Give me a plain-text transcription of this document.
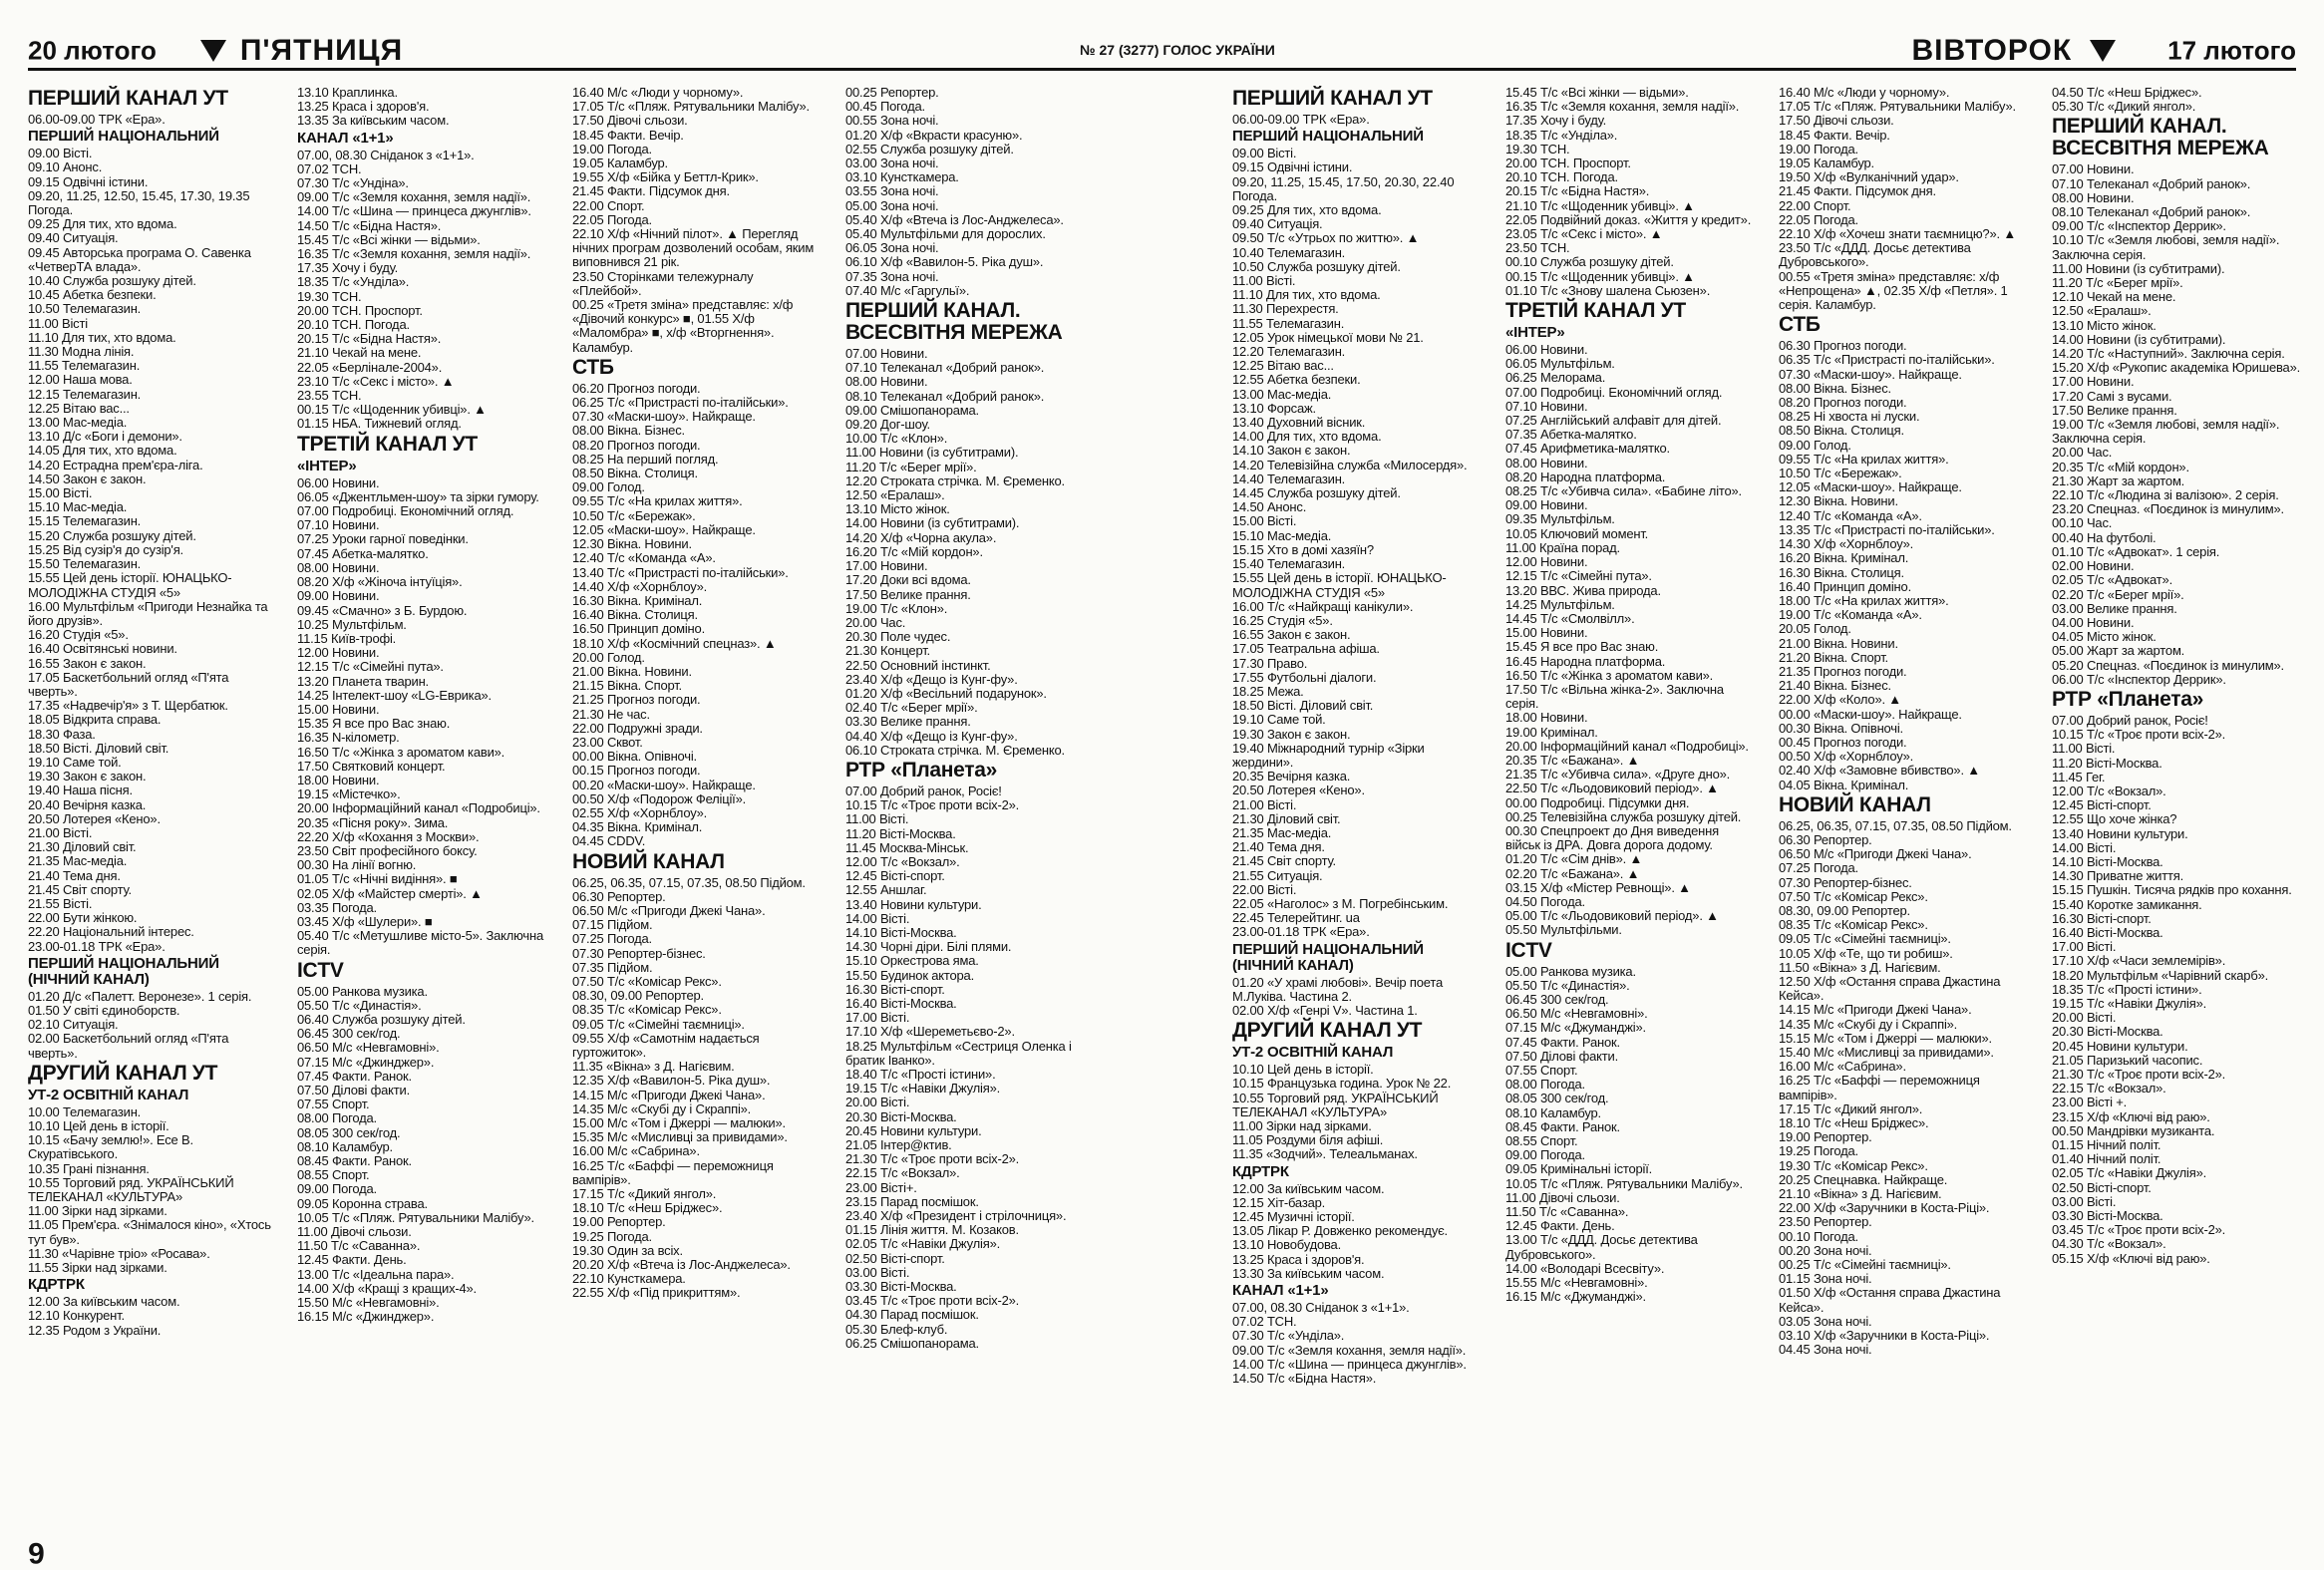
20 лютого	П'ЯТНИЦЯ	№ 27 (3277) ГОЛОС УКРАЇНИ	ВІВТОРОК	17 лютого
ПЕРШИЙ КАНАЛ УТ
06.00-09.00 ТРК «Ера».
ПЕРШИЙ НАЦІОНАЛЬНИЙ
09.00 Вісті.
09.10 Анонс.
09.15 Одвічні істини.
09.20, 11.25, 12.50, 15.45, 17.30, 19.35 Погода.
09.25 Для тих, хто вдома.
09.40 Ситуація.
09.45 Авторська програма О. Савенка «ЧетверТА влада».
10.40 Служба розшуку дітей.
10.45 Абетка безпеки.
10.50 Телемагазин.
11.00 Вісті
11.10 Для тих, хто вдома.
11.30 Модна лінія.
11.55 Телемагазин.
12.00 Наша мова.
12.15 Телемагазин.
12.25 Вітаю вас...
13.00 Мас-медіа.
13.10 Д/с «Боги і демони».
14.05 Для тих, хто вдома.
14.20 Естрадна прем'єра-ліга.
14.50 Закон є закон.
15.00 Вісті.
15.10 Мас-медіа.
15.15 Телемагазин.
15.20 Служба розшуку дітей.
15.25 Від сузір'я до сузір'я.
15.50 Телемагазин.
15.55 Цей день історії. ЮНАЦЬКО-МОЛОДІЖНА СТУДІЯ «5»
16.00 Мультфільм «Пригоди Незнайка та його друзів».
16.20 Студія «5».
16.40 Освітянські новини.
16.55 Закон є закон.
17.05 Баскетбольний огляд «П'ята чверть».
17.35 «Надвечір'я» з Т. Щербатюк.
18.05 Відкрита справа.
18.30 Фаза.
18.50 Вісті. Діловий світ.
19.10 Саме той.
19.30 Закон є закон.
19.40 Наша пісня.
20.40 Вечірня казка.
20.50 Лотерея «Кено».
21.00 Вісті.
21.30 Діловий світ.
21.35 Мас-медіа.
21.40 Тема дня.
21.45 Світ спорту.
21.55 Вісті.
22.00 Бути жінкою.
22.20 Національний інтерес.
23.00-01.18 ТРК «Ера».
ПЕРШИЙ НАЦІОНАЛЬНИЙ (НІЧНИЙ КАНАЛ)
01.20 Д/с «Палетт. Веронезе». 1 серія.
01.50 У світі єдиноборств.
02.10 Ситуація.
02.00 Баскетбольний огляд «П'ята чверть».
ДРУГИЙ КАНАЛ УТ
УТ-2 ОСВІТНІЙ КАНАЛ
10.00 Телемагазин.
10.10 Цей день в історії.
10.15 «Бачу землю!». Есе В. Скуратівського.
10.35 Грані пізнання.
10.55 Торговий ряд. УКРАЇНСЬКИЙ ТЕЛЕКАНАЛ «КУЛЬТУРА»
11.00 Зірки над зірками.
11.05 Прем'єра. «Знімалося кіно», «Хтось тут був».
11.30 «Чарівне тріо» «Росава».
11.55 Зірки над зірками.
КДРТРК
12.00 За київським часом.
12.10 Конкурент.
12.35 Родом з України.
13.10 Краплинка.
13.25 Краса і здоров'я.
13.35 За київським часом.
КАНАЛ «1+1»
07.00, 08.30 Сніданок з «1+1».
07.02 ТСН.
07.30 Т/с «Ундіна».
09.00 Т/с «Земля кохання, земля надії».
14.00 Т/с «Шина — принцеса джунглів».
14.50 Т/с «Бідна Настя».
15.45 Т/с «Всі жінки — відьми».
16.35 Т/с «Земля кохання, земля надії».
17.35 Хочу і буду.
18.35 Т/с «Унділа».
19.30 ТСН.
20.00 ТСН. Проспорт.
20.10 ТСН. Погода.
20.15 Т/с «Бідна Настя».
21.10 Чекай на мене.
22.05 «Берлінале-2004».
23.10 Т/с «Секс і місто». ▲
23.55 ТСН.
00.15 Т/с «Щоденник убивці». ▲
01.15 НБА. Тижневий огляд.
ТРЕТІЙ КАНАЛ УТ
«ІНТЕР»
06.00 Новини.
06.05 «Джентльмен-шоу» та зірки гумору.
07.00 Подробиці. Економічний огляд.
07.10 Новини.
07.25 Уроки гарної поведінки.
07.45 Абетка-малятко.
08.00 Новини.
08.20 Х/ф «Жіноча інтуїція».
09.00 Новини.
09.45 «Смачно» з Б. Бурдою.
10.25 Мультфільм.
11.15 Київ-трофі.
12.00 Новини.
12.15 Т/с «Сімейні пута».
13.20 Планета тварин.
14.25 Інтелект-шоу «LG-Еврика».
15.00 Новини.
15.35 Я все про Вас знаю.
16.35 N-кілометр.
16.50 Т/с «Жінка з ароматом кави».
17.50 Святковий концерт.
18.00 Новини.
19.15 «Містечко».
20.00 Інформаційний канал «Подробиці».
20.35 «Пісня року». Зима.
22.20 Х/ф «Кохання з Москви».
23.50 Світ професійного боксу.
00.30 На лінії вогню.
01.05 Т/с «Нічні видіння». ■
02.05 Х/ф «Майстер смерті». ▲
03.35 Погода.
03.45 Х/ф «Шулери». ■
05.40 Т/с «Метушливе місто-5». Заключна серія.
ICTV
05.00 Ранкова музика.
05.50 Т/с «Династія».
06.40 Служба розшуку дітей.
06.45 300 сек/год.
06.50 М/с «Невгамовні».
07.15 М/с «Джинджер».
07.45 Факти. Ранок.
07.50 Ділові факти.
07.55 Спорт.
08.00 Погода.
08.05 300 сек/год.
08.10 Каламбур.
08.45 Факти. Ранок.
08.55 Спорт.
09.00 Погода.
09.05 Коронна страва.
10.05 Т/с «Пляж. Рятувальники Малібу».
11.00 Дівочі сльози.
11.50 Т/с «Саванна».
12.45 Факти. День.
13.00 Т/с «Ідеальна пара».
14.00 Х/ф «Кращі з кращих-4».
15.50 М/с «Невгамовні».
16.15 М/с «Джинджер».
16.40 М/с «Люди у чорному».
17.05 Т/с «Пляж. Рятувальники Малібу».
17.50 Дівочі сльози.
18.45 Факти. Вечір.
19.00 Погода.
19.05 Каламбур.
19.55 Х/ф «Бійка у Беттл-Крик».
21.45 Факти. Підсумок дня.
22.00 Спорт.
22.05 Погода.
22.10 Х/ф «Нічний пілот». ▲ Перегляд нічних програм дозволений особам, яким виповнився 21 рік.
23.50 Сторінками тележурналу «Плейбой».
00.25 «Третя зміна» представляє: х/ф «Дівочий конкурс» ■, 01.55 Х/ф «Маломбра» ■, х/ф «Вторгнення». Каламбур.
СТБ
06.20 Прогноз погоди.
06.25 Т/с «Пристрасті по-італійськи».
07.30 «Маски-шоу». Найкраще.
08.00 Вікна. Бізнес.
08.20 Прогноз погоди.
08.25 На перший погляд.
08.50 Вікна. Столиця.
09.00 Голод.
09.55 Т/с «На крилах життя».
10.50 Т/с «Бережак».
12.05 «Маски-шоу». Найкраще.
12.30 Вікна. Новини.
12.40 Т/с «Команда «А».
13.40 Т/с «Пристрасті по-італійськи».
14.40 Х/ф «Хорнблоу».
16.30 Вікна. Кримінал.
16.40 Вікна. Столиця.
16.50 Принцип доміно.
18.10 Х/ф «Космічний спецназ». ▲
20.00 Голод.
21.00 Вікна. Новини.
21.15 Вікна. Спорт.
21.25 Прогноз погоди.
21.30 Не час.
22.00 Подружні зради.
23.00 Сквот.
00.00 Вікна. Опівночі.
00.15 Прогноз погоди.
00.20 «Маски-шоу». Найкраще.
00.50 Х/ф «Подорож Феліції».
02.55 Х/ф «Хорнблоу».
04.35 Вікна. Кримінал.
04.45 CDDV.
НОВИЙ КАНАЛ
06.25, 06.35, 07.15, 07.35, 08.50 Підйом.
06.30 Репортер.
06.50 М/с «Пригоди Джекі Чана».
07.15 Підйом.
07.25 Погода.
07.30 Репортер-бізнес.
07.35 Підйом.
07.50 Т/с «Комісар Рекс».
08.30, 09.00 Репортер.
08.35 Т/с «Комісар Рекс».
09.05 Т/с «Сімейні таємниці».
09.55 Х/ф «Самотнім надається гуртожиток».
11.35 «Вікна» з Д. Нагієвим.
12.35 Х/ф «Вавилон-5. Ріка душ».
14.15 М/с «Пригоди Джекі Чана».
14.35 М/с «Скубі ду і Скраппі».
15.00 М/с «Том і Джеррі — малюки».
15.35 М/с «Мисливці за привидами».
16.00 М/с «Сабрина».
16.25 Т/с «Баффі — переможниця вампірів».
17.15 Т/с «Дикий янгол».
18.10 Т/с «Неш Бріджес».
19.00 Репортер.
19.25 Погода.
19.30 Один за всіх.
20.20 Х/ф «Втеча із Лос-Анджелеса».
22.10 Кунсткамера.
22.55 Х/ф «Під прикриттям».
00.25 Репортер.
00.45 Погода.
00.55 Зона ночі.
01.20 Х/ф «Вкрасти красуню».
02.55 Служба розшуку дітей.
03.00 Зона ночі.
03.10 Кунсткамера.
03.55 Зона ночі.
05.00 Зона ночі.
05.40 Х/ф «Втеча із Лос-Анджелеса».
05.40 Мультфільми для дорослих.
06.05 Зона ночі.
06.10 Х/ф «Вавилон-5. Ріка душ».
07.35 Зона ночі.
07.40 М/с «Гаргульї».
ПЕРШИЙ КАНАЛ. ВСЕСВІТНЯ МЕРЕЖА
07.00 Новини.
07.10 Телеканал «Добрий ранок».
08.00 Новини.
08.10 Телеканал «Добрий ранок».
09.00 Смішопанорама.
09.20 Дог-шоу.
10.00 Т/с «Клон».
11.00 Новини (із субтитрами).
11.20 Т/с «Берег мрії».
12.20 Строката стрічка. М. Єременко.
12.50 «Ералаш».
13.10 Місто жінок.
14.00 Новини (із субтитрами).
14.20 Х/ф «Чорна акула».
16.20 Т/с «Мій кордон».
17.00 Новини.
17.20 Доки всі вдома.
17.50 Велике прання.
19.00 Т/с «Клон».
20.00 Час.
20.30 Поле чудес.
21.30 Концерт.
22.50 Основний інстинкт.
23.40 Х/ф «Дещо із Кунг-фу».
01.20 Х/ф «Весільний подарунок».
02.40 Т/с «Берег мрії».
03.30 Велике прання.
04.40 Х/ф «Дещо із Кунг-фу».
06.10 Строката стрічка. М. Єременко.
РТР «Планета»
07.00 Добрий ранок, Росіє!
10.15 Т/с «Троє проти всіх-2».
11.00 Вісті.
11.20 Вісті-Москва.
11.45 Москва-Мінськ.
12.00 Т/с «Вокзал».
12.45 Вісті-спорт.
12.55 Аншлаг.
13.40 Новини культури.
14.00 Вісті.
14.10 Вісті-Москва.
14.30 Чорні діри. Білі плями.
15.10 Оркестрова яма.
15.50 Будинок актора.
16.30 Вісті-спорт.
16.40 Вісті-Москва.
17.00 Вісті.
17.10 Х/ф «Шереметьєво-2».
18.25 Мультфільм «Сестриця Оленка і братик Іванко».
18.40 Т/с «Прості істини».
19.15 Т/с «Навіки Джулія».
20.00 Вісті.
20.30 Вісті-Москва.
20.45 Новини культури.
21.05 Інтер@ктив.
21.30 Т/с «Троє проти всіх-2».
22.15 Т/с «Вокзал».
23.00 Вісті+.
23.15 Парад посмішок.
23.40 Х/ф «Президент і стрілочниця».
01.15 Лінія життя. М. Козаков.
02.05 Т/с «Навіки Джулія».
02.50 Вісті-спорт.
03.00 Вісті.
03.30 Вісті-Москва.
03.45 Т/с «Троє проти всіх-2».
04.30 Парад посмішок.
05.30 Блеф-клуб.
06.25 Смішопанорама.
ПЕРШИЙ КАНАЛ УТ
06.00-09.00 ТРК «Ера».
ПЕРШИЙ НАЦІОНАЛЬНИЙ
09.00 Вісті.
09.15 Одвічні істини.
09.20, 11.25, 15.45, 17.50, 20.30, 22.40 Погода.
09.25 Для тих, хто вдома.
09.40 Ситуація.
09.50 Т/с «Утрьох по життю». ▲
10.40 Телемагазин.
10.50 Служба розшуку дітей.
11.00 Вісті.
11.10 Для тих, хто вдома.
11.30 Перехрестя.
11.55 Телемагазин.
12.05 Урок німецької мови № 21.
12.20 Телемагазин.
12.25 Вітаю вас...
12.55 Абетка безпеки.
13.00 Мас-медіа.
13.10 Форсаж.
13.40 Духовний вісник.
14.00 Для тих, хто вдома.
14.10 Закон є закон.
14.20 Телевізійна служба «Милосердя».
14.40 Телемагазин.
14.45 Служба розшуку дітей.
14.50 Анонс.
15.00 Вісті.
15.10 Мас-медіа.
15.15 Хто в домі хазяїн?
15.40 Телемагазин.
15.55 Цей день в історії. ЮНАЦЬКО-МОЛОДІЖНА СТУДІЯ «5»
16.00 Т/с «Найкращі канікули».
16.25 Студія «5».
16.55 Закон є закон.
17.05 Театральна афіша.
17.30 Право.
17.55 Футбольні діалоги.
18.25 Межа.
18.50 Вісті. Діловий світ.
19.10 Саме той.
19.30 Закон є закон.
19.40 Міжнародний турнір «Зірки жердини».
20.35 Вечірня казка.
20.50 Лотерея «Кено».
21.00 Вісті.
21.30 Діловий світ.
21.35 Мас-медіа.
21.40 Тема дня.
21.45 Світ спорту.
21.55 Ситуація.
22.00 Вісті.
22.05 «Наголос» з М. Погребінським.
22.45 Телерейтинг. ua
23.00-01.18 ТРК «Ера».
ПЕРШИЙ НАЦІОНАЛЬНИЙ (НІЧНИЙ КАНАЛ)
01.20 «У храмі любові». Вечір поета М.Луківа. Частина 2.
02.00 Х/ф «Генрі V». Частина 1.
ДРУГИЙ КАНАЛ УТ
УТ-2 ОСВІТНІЙ КАНАЛ
10.10 Цей день в історії.
10.15 Французька година. Урок № 22.
10.55 Торговий ряд. УКРАЇНСЬКИЙ ТЕЛЕКАНАЛ «КУЛЬТУРА»
11.00 Зірки над зірками.
11.05 Роздуми біля афіші.
11.35 «Зодчий». Телеальманах.
КДРТРК
12.00 За київським часом.
12.15 Хіт-базар.
12.45 Музичні історії.
13.05 Лікар Р. Довженко рекомендує.
13.10 Новобудова.
13.25 Краса і здоров'я.
13.30 За київським часом.
КАНАЛ «1+1»
07.00, 08.30 Сніданок з «1+1».
07.02 ТСН.
07.30 Т/с «Унділа».
09.00 Т/с «Земля кохання, земля надії».
14.00 Т/с «Шина — принцеса джунглів».
14.50 Т/с «Бідна Настя».
15.45 Т/с «Всі жінки — відьми».
16.35 Т/с «Земля кохання, земля надії».
17.35 Хочу і буду.
18.35 Т/с «Унділа».
19.30 ТСН.
20.00 ТСН. Проспорт.
20.10 ТСН. Погода.
20.15 Т/с «Бідна Настя».
21.10 Т/с «Щоденник убивці». ▲
22.05 Подвійний доказ. «Життя у кредит».
23.05 Т/с «Секс і місто». ▲
23.50 ТСН.
00.10 Служба розшуку дітей.
00.15 Т/с «Щоденник убивці». ▲
01.10 Т/с «Знову шалена Сьюзен».
ТРЕТІЙ КАНАЛ УТ
«ІНТЕР»
06.00 Новини.
06.05 Мультфільм.
06.25 Мелорама.
07.00 Подробиці. Економічний огляд.
07.10 Новини.
07.25 Англійський алфавіт для дітей.
07.35 Абетка-малятко.
07.45 Арифметика-малятко.
08.00 Новини.
08.20 Народна платформа.
08.25 Т/с «Убивча сила». «Бабине літо».
09.00 Новини.
09.35 Мультфільм.
10.05 Ключовий момент.
11.00 Країна порад.
12.00 Новини.
12.15 Т/с «Сімейні пута».
13.20 ВВС. Жива природа.
14.25 Мультфільм.
14.45 Т/с «Смолвілл».
15.00 Новини.
15.45 Я все про Вас знаю.
16.45 Народна платформа.
16.50 Т/с «Жінка з ароматом кави».
17.50 Т/с «Вільна жінка-2». Заключна серія.
18.00 Новини.
19.00 Кримінал.
20.00 Інформаційний канал «Подробиці».
20.35 Т/с «Бажана». ▲
21.35 Т/с «Убивча сила». «Друге дно».
22.50 Т/с «Льодовиковий період». ▲
00.00 Подробиці. Підсумки дня.
00.25 Телевізійна служба розшуку дітей.
00.30 Спецпроект до Дня виведення військ із ДРА. Довга дорога додому.
01.20 Т/с «Сім днів». ▲
02.20 Т/с «Бажана». ▲
03.15 Х/ф «Містер Ревнощі». ▲
04.50 Погода.
05.00 Т/с «Льодовиковий період». ▲
05.50 Мультфільми.
ICTV
05.00 Ранкова музика.
05.50 Т/с «Династія».
06.45 300 сек/год.
06.50 М/с «Невгамовні».
07.15 М/с «Джуманджі».
07.45 Факти. Ранок.
07.50 Ділові факти.
07.55 Спорт.
08.00 Погода.
08.05 300 сек/год.
08.10 Каламбур.
08.45 Факти. Ранок.
08.55 Спорт.
09.00 Погода.
09.05 Кримінальні історії.
10.05 Т/с «Пляж. Рятувальники Малібу».
11.00 Дівочі сльози.
11.50 Т/с «Саванна».
12.45 Факти. День.
13.00 Т/с «ДДД. Досьє детектива Дубровського».
14.00 «Володарі Всесвіту».
15.55 М/с «Невгамовні».
16.15 М/с «Джуманджі».
16.40 М/с «Люди у чорному».
17.05 Т/с «Пляж. Рятувальники Малібу».
17.50 Дівочі сльози.
18.45 Факти. Вечір.
19.00 Погода.
19.05 Каламбур.
19.50 Х/ф «Вулканічний удар».
21.45 Факти. Підсумок дня.
22.00 Спорт.
22.05 Погода.
22.10 Х/ф «Хочеш знати таємницю?». ▲
23.50 Т/с «ДДД. Досьє детектива Дубровського».
00.55 «Третя зміна» представляє: х/ф «Непрощена» ▲, 02.35 Х/ф «Петля». 1 серія. Каламбур.
СТБ
06.30 Прогноз погоди.
06.35 Т/с «Пристрасті по-італійськи».
07.30 «Маски-шоу». Найкраще.
08.00 Вікна. Бізнес.
08.20 Прогноз погоди.
08.25 Ні хвоста ні луски.
08.50 Вікна. Столиця.
09.00 Голод.
09.55 Т/с «На крилах життя».
10.50 Т/с «Бережак».
12.05 «Маски-шоу». Найкраще.
12.30 Вікна. Новини.
12.40 Т/с «Команда «А».
13.35 Т/с «Пристрасті по-італійськи».
14.30 Х/ф «Хорнблоу».
16.20 Вікна. Кримінал.
16.30 Вікна. Столиця.
16.40 Принцип доміно.
18.00 Т/с «На крилах життя».
19.00 Т/с «Команда «А».
20.05 Голод.
21.00 Вікна. Новини.
21.20 Вікна. Спорт.
21.35 Прогноз погоди.
21.40 Вікна. Бізнес.
22.00 Х/ф «Коло». ▲
00.00 «Маски-шоу». Найкраще.
00.30 Вікна. Опівночі.
00.45 Прогноз погоди.
00.50 Х/ф «Хорнблоу».
02.40 Х/ф «Замовне вбивство». ▲
04.05 Вікна. Кримінал.
НОВИЙ КАНАЛ
06.25, 06.35, 07.15, 07.35, 08.50 Підйом.
06.30 Репортер.
06.50 М/с «Пригоди Джекі Чана».
07.25 Погода.
07.30 Репортер-бізнес.
07.50 Т/с «Комісар Рекс».
08.30, 09.00 Репортер.
08.35 Т/с «Комісар Рекс».
09.05 Т/с «Сімейні таємниці».
10.05 Х/ф «Те, що ти робиш».
11.50 «Вікна» з Д. Нагієвим.
12.50 Х/ф «Остання справа Джастина Кейса».
14.15 М/с «Пригоди Джекі Чана».
14.35 М/с «Скубі ду і Скраппі».
15.15 М/с «Том і Джеррі — малюки».
15.40 М/с «Мисливці за привидами».
16.00 М/с «Сабрина».
16.25 Т/с «Баффі — переможниця вампірів».
17.15 Т/с «Дикий янгол».
18.10 Т/с «Неш Бріджес».
19.00 Репортер.
19.25 Погода.
19.30 Т/с «Комісар Рекс».
20.25 Спецнавка. Найкраще.
21.10 «Вікна» з Д. Нагієвим.
22.00 Х/ф «Заручники в Коста-Ріці».
23.50 Репортер.
00.10 Погода.
00.20 Зона ночі.
00.25 Т/с «Сімейні таємниці».
01.15 Зона ночі.
01.50 Х/ф «Остання справа Джастина Кейса».
03.05 Зона ночі.
03.10 Х/ф «Заручники в Коста-Ріці».
04.45 Зона ночі.
04.50 Т/с «Неш Бріджес».
05.30 Т/с «Дикий янгол».
ПЕРШИЙ КАНАЛ. ВСЕСВІТНЯ МЕРЕЖА
07.00 Новини.
07.10 Телеканал «Добрий ранок».
08.00 Новини.
08.10 Телеканал «Добрий ранок».
09.00 Т/с «Інспектор Деррик».
10.10 Т/с «Земля любові, земля надії». Заключна серія.
11.00 Новини (із субтитрами).
11.20 Т/с «Берег мрії».
12.10 Чекай на мене.
12.50 «Ералаш».
13.10 Місто жінок.
14.00 Новини (із субтитрами).
14.20 Т/с «Наступний». Заключна серія.
15.20 Х/ф «Рукопис академіка Юришева».
17.00 Новини.
17.20 Самі з вусами.
17.50 Велике прання.
19.00 Т/с «Земля любові, земля надії». Заключна серія.
20.00 Час.
20.35 Т/с «Мій кордон».
21.30 Жарт за жартом.
22.10 Т/с «Людина зі валізою». 2 серія.
23.20 Спецназ. «Поєдинок із минулим».
00.10 Час.
00.40 На футболі.
01.10 Т/с «Адвокат». 1 серія.
02.00 Новини.
02.05 Т/с «Адвокат».
02.20 Т/с «Берег мрії».
03.00 Велике прання.
04.00 Новини.
04.05 Місто жінок.
05.00 Жарт за жартом.
05.20 Спецназ. «Поєдинок із минулим».
06.00 Т/с «Інспектор Деррик».
РТР «Планета»
07.00 Добрий ранок, Росіє!
10.15 Т/с «Троє проти всіх-2».
11.00 Вісті.
11.20 Вісті-Москва.
11.45 Гег.
12.00 Т/с «Вокзал».
12.45 Вісті-спорт.
12.55 Що хоче жінка?
13.40 Новини культури.
14.00 Вісті.
14.10 Вісті-Москва.
14.30 Приватне життя.
15.15 Пушкін. Тисяча рядків про кохання.
15.40 Коротке замикання.
16.30 Вісті-спорт.
16.40 Вісті-Москва.
17.00 Вісті.
17.10 Х/ф «Часи землемірів».
18.20 Мультфільм «Чарівний скарб».
18.35 Т/с «Прості істини».
19.15 Т/с «Навіки Джулія».
20.00 Вісті.
20.30 Вісті-Москва.
20.45 Новини культури.
21.05 Паризький часопис.
21.30 Т/с «Троє проти всіх-2».
22.15 Т/с «Вокзал».
23.00 Вісті +.
23.15 Х/ф «Ключі від раю».
00.50 Мандрівки музиканта.
01.15 Нічний політ.
01.40 Нічний політ.
02.05 Т/с «Навіки Джулія».
02.50 Вісті-спорт.
03.00 Вісті.
03.30 Вісті-Москва.
03.45 Т/с «Троє проти всіх-2».
04.30 Т/с «Вокзал».
05.15 Х/ф «Ключі від раю».
6
